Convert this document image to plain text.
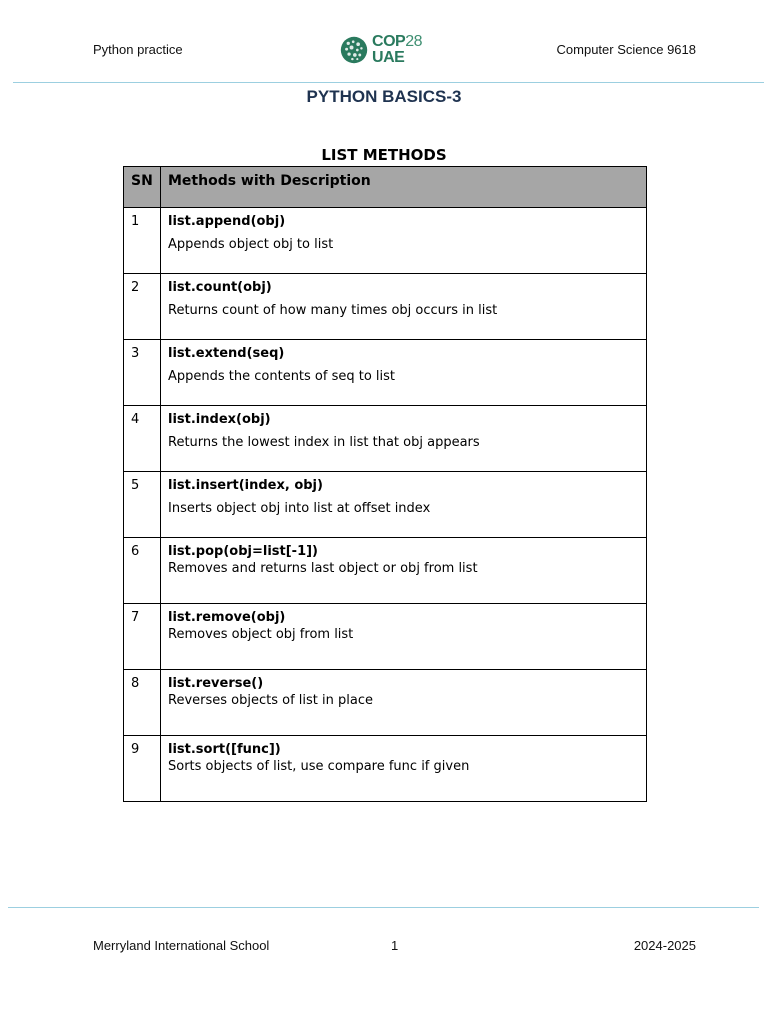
Python practice	COP28
UAE	Computer Science 9618
PYTHON BASICS-3
LIST METHODS
SN	Methods with Description
1	list.append(obj)
Appends object obj to list

2	list.count(obj)
Returns count of how many times obj occurs in list

3	list.extend(seq)
Appends the contents of seq to list

4	list.index(obj)
Returns the lowest index in list that obj appears

5	list.insert(index, obj)
Inserts object obj into list at offset index

6	list.pop(obj=list[-1])
Removes and returns last object or obj from list

7	list.remove(obj)
Removes object obj from list

8	list.reverse()
Reverses objects of list in place

9	list.sort([func])
Sorts objects of list, use compare func if given
Merryland International School	1	2024-2025
